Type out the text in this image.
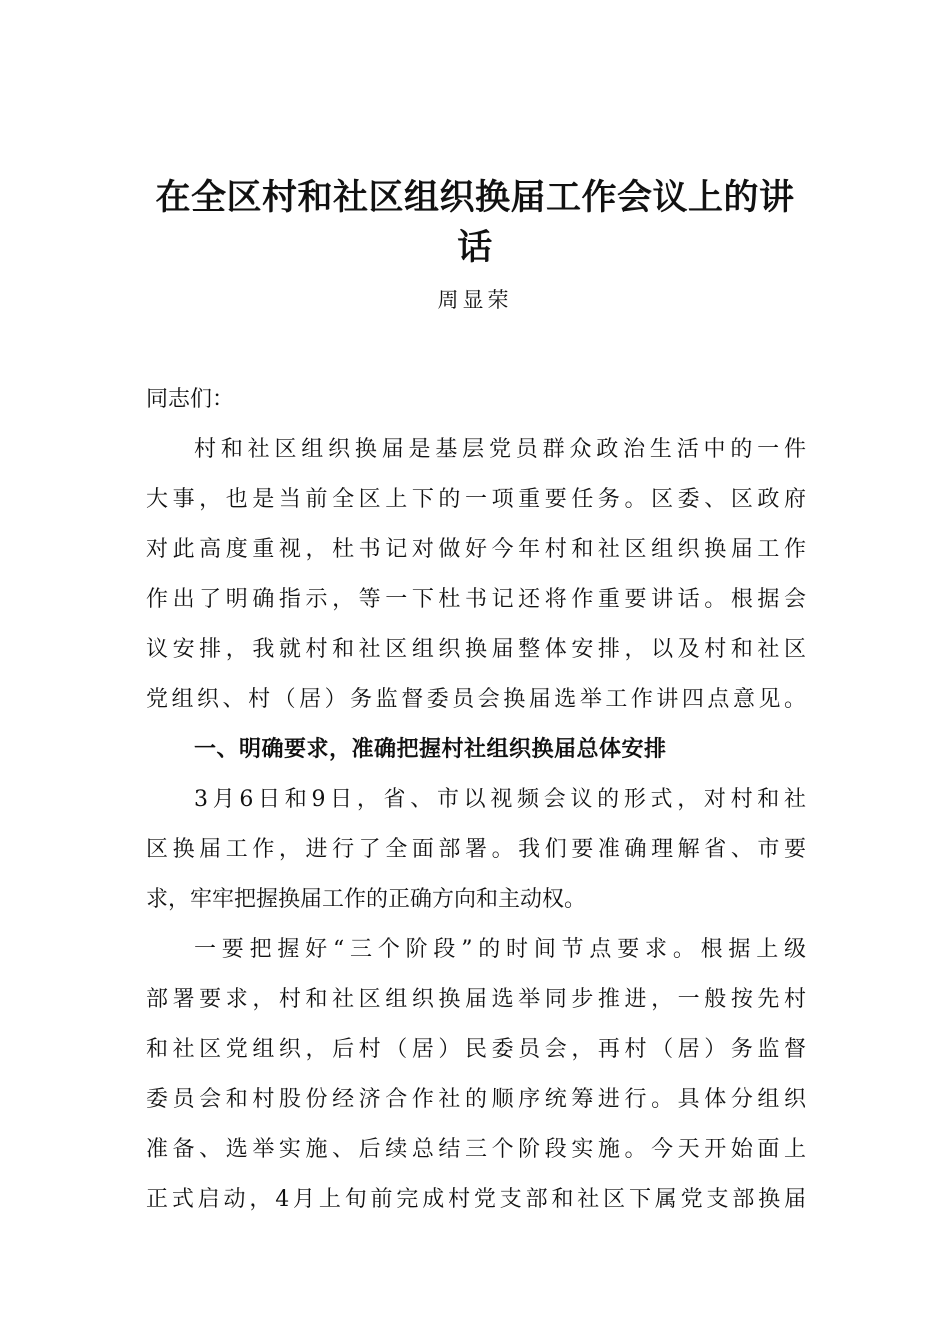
在全区村和社区组织换届工作会议上的讲
话
周显荣
同志们：
村和社区组织换届是基层党员群众政治生活中的一件
大事，也是当前全区上下的一项重要任务。区委、区政府
对此高度重视，杜书记对做好今年村和社区组织换届工作
作出了明确指示，等一下杜书记还将作重要讲话。根据会
议安排，我就村和社区组织换届整体安排，以及村和社区
党组织、村（居）务监督委员会换届选举工作讲四点意见。
一、明确要求，准确把握村社组织换届总体安排
3月6日和9日，省、市以视频会议的形式，对村和社
区换届工作，进行了全面部署。我们要准确理解省、市要
求，牢牢把握换届工作的正确方向和主动权。
一要把握好“三个阶段”的时间节点要求。根据上级
部署要求，村和社区组织换届选举同步推进，一般按先村
和社区党组织，后村（居）民委员会，再村（居）务监督
委员会和村股份经济合作社的顺序统筹进行。具体分组织
准备、选举实施、后续总结三个阶段实施。今天开始面上
正式启动，4月上旬前完成村党支部和社区下属党支部换届
